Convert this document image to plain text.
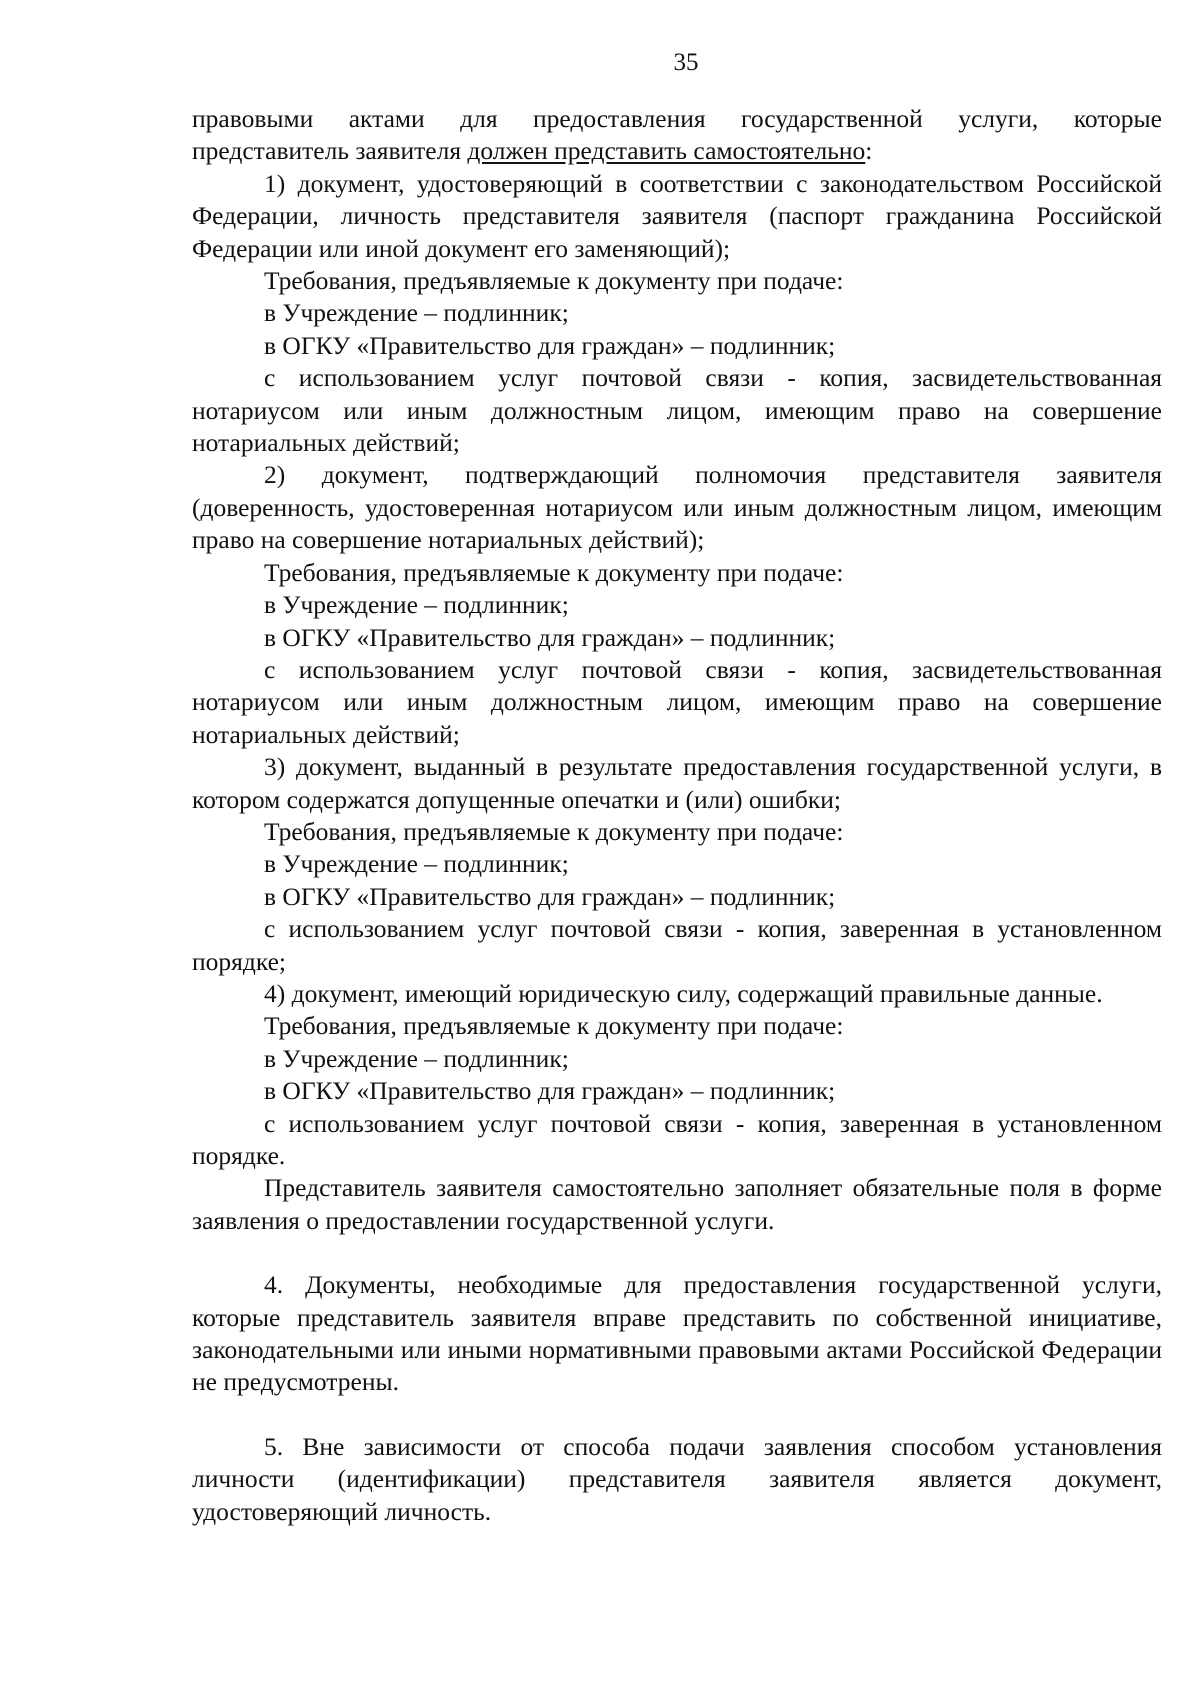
35

правовыми актами для предоставления государственной услуги, которые

представитель заявителя должен представить самостоятельно:

1) документ, удостоверяющий в соответствии с законодательством Российской Федерации, личность представителя заявителя (паспорт гражданина Российской Федерации или иной документ его заменяющий);

Требования, предъявляемые к документу при подаче:

в Учреждение – подлинник;

в ОГКУ «Правительство для граждан» – подлинник;

с использованием услуг почтовой связи - копия, засвидетельствованная нотариусом или иным должностным лицом, имеющим право на совершение нотариальных действий;

2) документ, подтверждающий полномочия представителя заявителя (доверенность, удостоверенная нотариусом или иным должностным лицом, имеющим право на совершение нотариальных действий);

Требования, предъявляемые к документу при подаче:

в Учреждение – подлинник;

в ОГКУ «Правительство для граждан» – подлинник;

с использованием услуг почтовой связи - копия, засвидетельствованная нотариусом или иным должностным лицом, имеющим право на совершение нотариальных действий;

3) документ, выданный в результате предоставления государственной услуги, в котором содержатся допущенные опечатки и (или) ошибки;

Требования, предъявляемые к документу при подаче:

в Учреждение – подлинник;

в ОГКУ «Правительство для граждан» – подлинник;

с использованием услуг почтовой связи - копия, заверенная в установленном порядке;

4) документ, имеющий юридическую силу, содержащий правильные данные.

Требования, предъявляемые к документу при подаче:

в Учреждение – подлинник;

в ОГКУ «Правительство для граждан» – подлинник;

с использованием услуг почтовой связи - копия, заверенная в установленном порядке.

Представитель заявителя самостоятельно заполняет обязательные поля в форме заявления о предоставлении государственной услуги.

4. Документы, необходимые для предоставления государственной услуги, которые представитель заявителя вправе представить по собственной инициативе, законодательными или иными нормативными правовыми актами Российской Федерации не предусмотрены.

5. Вне зависимости от способа подачи заявления способом установления личности (идентификации) представителя заявителя является документ, удостоверяющий личность.
